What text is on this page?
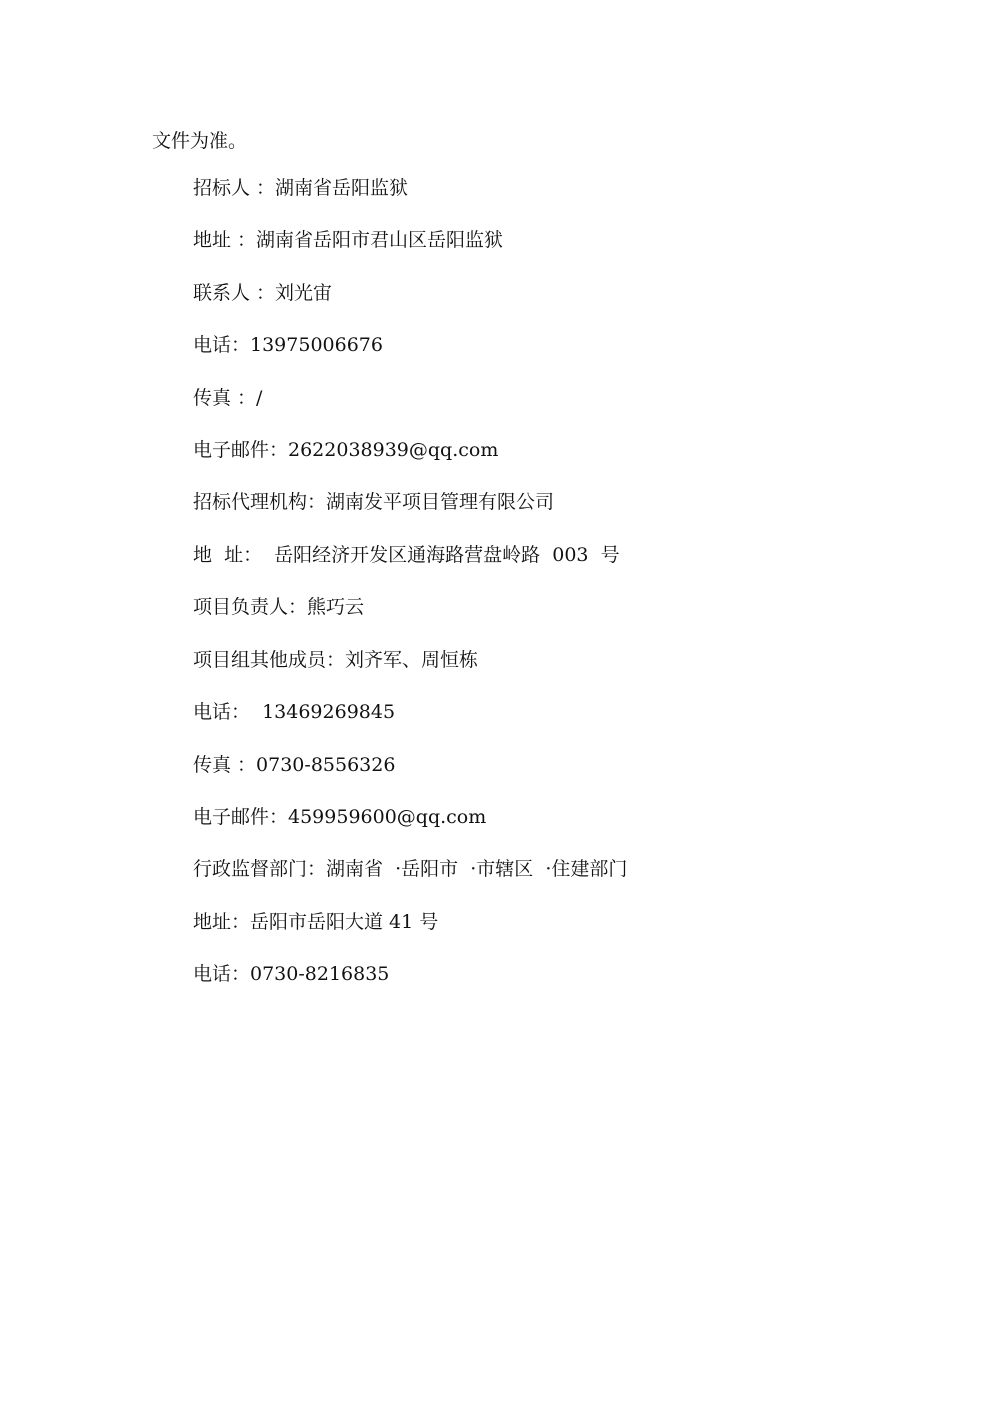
文件为准。

招标人 ：湖南省岳阳监狱

地址 ：湖南省岳阳市君山区岳阳监狱

联系人 ：刘光宙

电话：13975006676

传真 ：/

电子邮件：2622038939@qq.com

招标代理机构：湖南发平项目管理有限公司

地  址：  岳阳经济开发区通海路营盘岭路  003  号

项目负责人：熊巧云

项目组其他成员：刘齐军、周恒栋

电话：  13469269845

传真 ：0730-8556326

电子邮件：459959600@qq.com

行政监督部门：湖南省  ·岳阳市  ·市辖区  ·住建部门

地址：岳阳市岳阳大道 41 号

电话：0730-8216835
